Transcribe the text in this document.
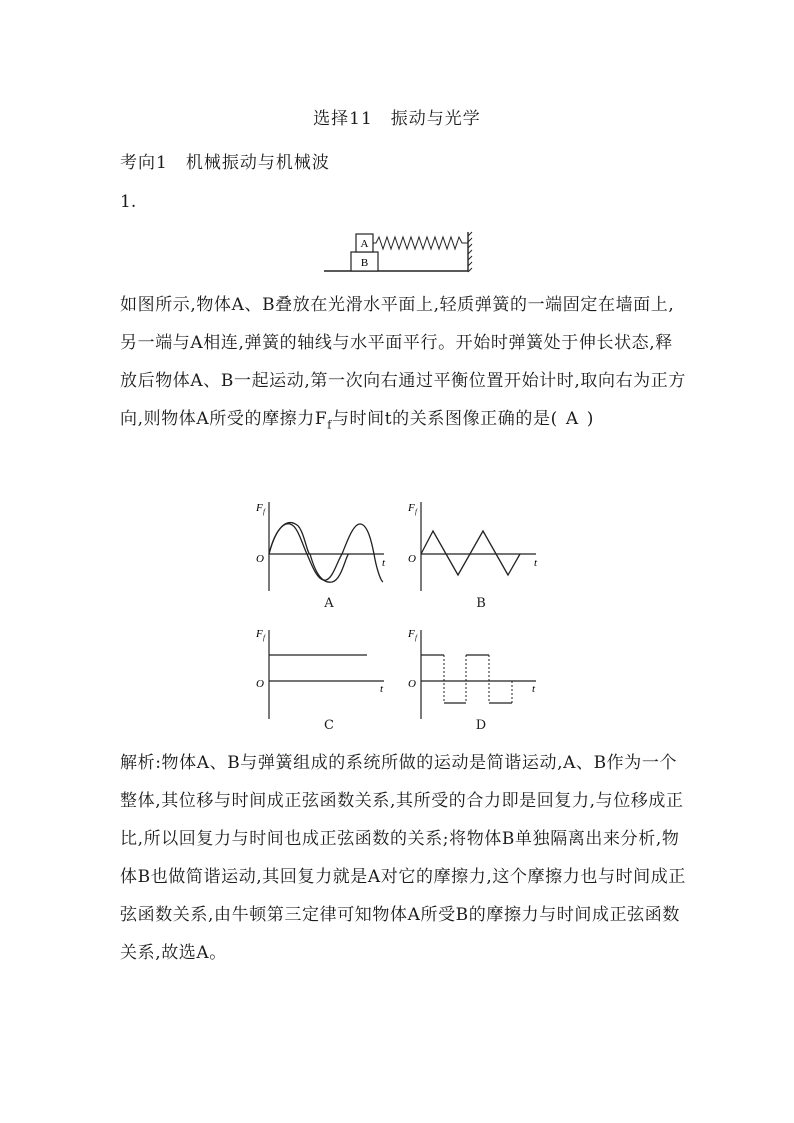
选择11　振动与光学
考向1　机械振动与机械波
1.
A
B

如图所示,物体A、B叠放在光滑水平面上,轻质弹簧的一端固定在墙面上,另一端与A相连,弹簧的轴线与水平面平行。开始时弹簧处于伸长状态,释放后物体A、B一起运动,第一次向右通过平衡位置开始计时,取向右为正方向,则物体A所受的摩擦力$F_f$与时间t的关系图像正确的是( A )

F f
O	t
A
F f
O	t
B
F f
O	t
C
F f
O	t
D

解析:物体A、B与弹簧组成的系统所做的运动是简谐运动,A、B作为一个整体,其位移与时间成正弦函数关系,其所受的合力即是回复力,与位移成正比,所以回复力与时间也成正弦函数的关系;将物体B单独隔离出来分析,物体B也做简谐运动,其回复力就是A对它的摩擦力,这个摩擦力也与时间成正弦函数关系,由牛顿第三定律可知物体A所受B的摩擦力与时间成正弦函数关系,故选A。
